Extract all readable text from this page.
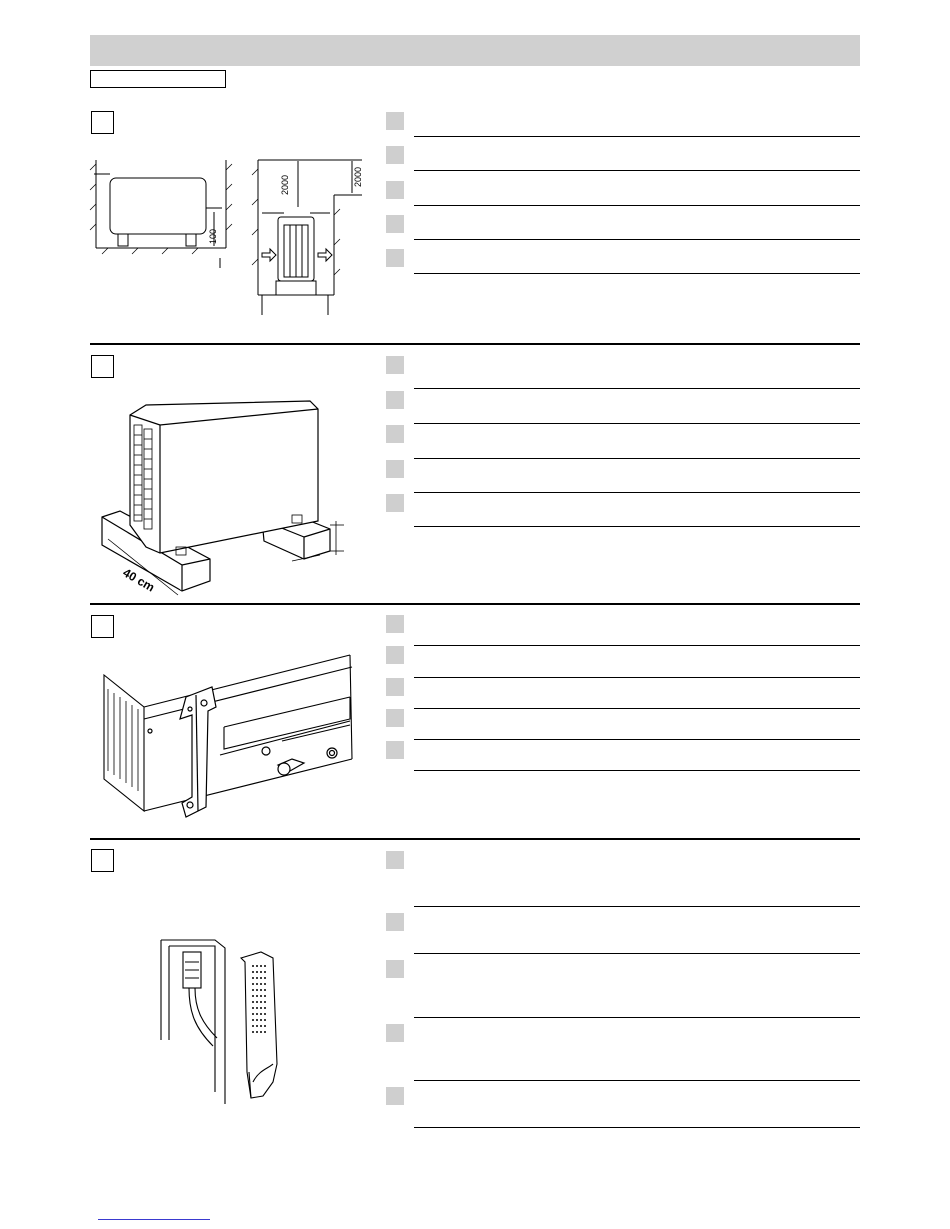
100
2000	2000
40 cm
